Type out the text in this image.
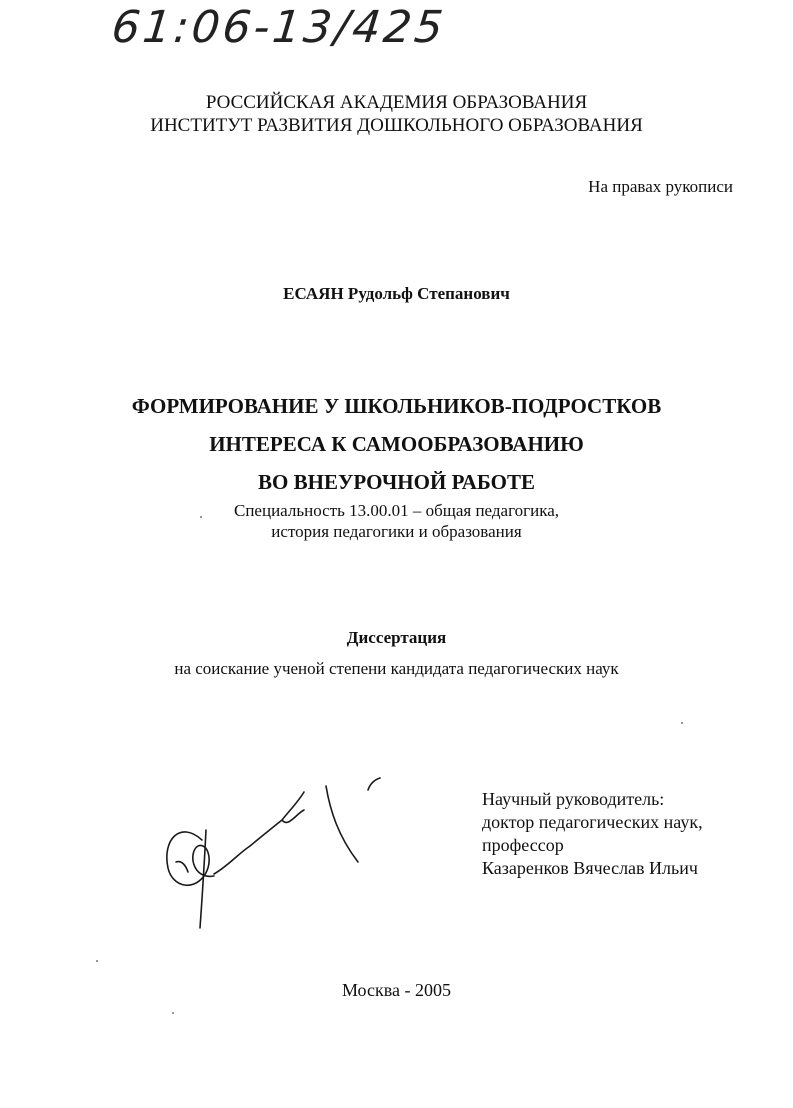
61:06-13/425
РОССИЙСКАЯ АКАДЕМИЯ ОБРАЗОВАНИЯ
ИНСТИТУТ РАЗВИТИЯ ДОШКОЛЬНОГО ОБРАЗОВАНИЯ
На правах рукописи
ЕСАЯН Рудольф Степанович
ФОРМИРОВАНИЕ У ШКОЛЬНИКОВ-ПОДРОСТКОВ
ИНТЕРЕСА К САМООБРАЗОВАНИЮ
ВО ВНЕУРОЧНОЙ РАБОТЕ
Специальность 13.00.01 – общая педагогика,
история педагогики и образования
Диссертация
на соискание ученой степени кандидата педагогических наук
Научный руководитель:
доктор педагогических наук,
профессор
Казаренков Вячеслав Ильич
Москва - 2005
